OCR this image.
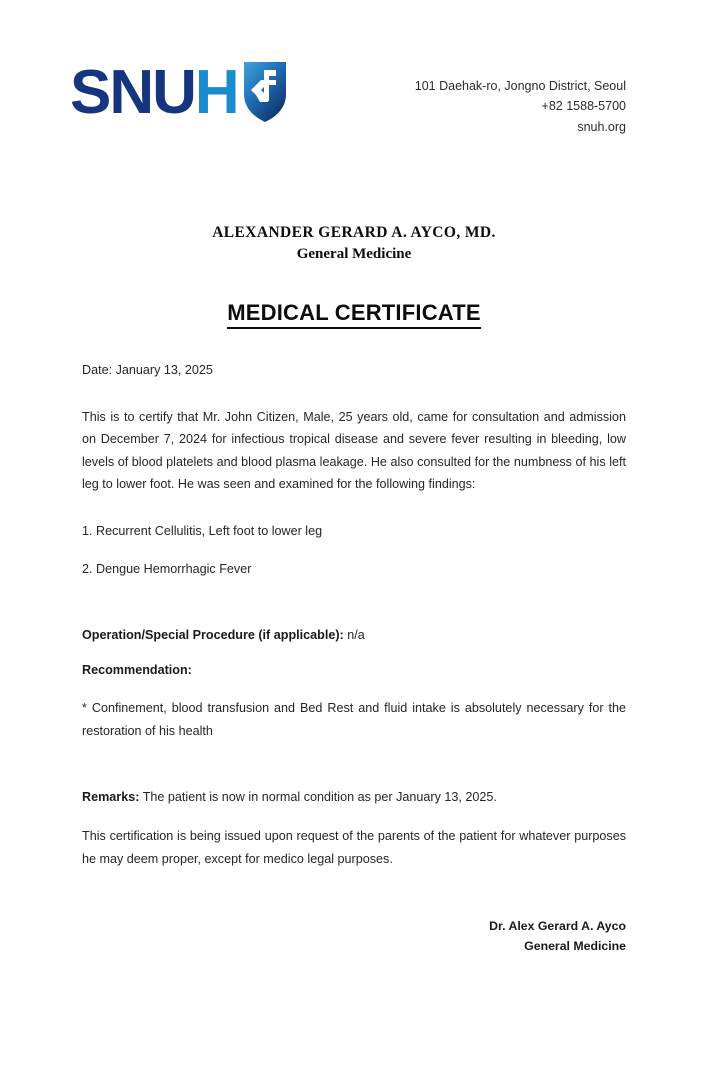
SNUH	101 Daehak-ro, Jongno District, Seoul
+82 1588-5700
snuh.org
ALEXANDER GERARD A. AYCO, MD.
General Medicine
MEDICAL CERTIFICATE
Date: January 13, 2025
This is to certify that Mr. John Citizen, Male, 25 years old, came for consultation and admission on December 7, 2024 for infectious tropical disease and severe fever resulting in bleeding, low levels of blood platelets and blood plasma leakage. He also consulted for the numbness of his left leg to lower foot. He was seen and examined for the following findings:
1. Recurrent Cellulitis, Left foot to lower leg
2. Dengue Hemorrhagic Fever
Operation/Special Procedure (if applicable): n/a
Recommendation:
* Confinement, blood transfusion and Bed Rest and fluid intake is absolutely necessary for the restoration of his health
Remarks: The patient is now in normal condition as per January 13, 2025.
This certification is being issued upon request of the parents of the patient for whatever purposes he may deem proper, except for medico legal purposes.
Dr. Alex Gerard A. Ayco
General Medicine
